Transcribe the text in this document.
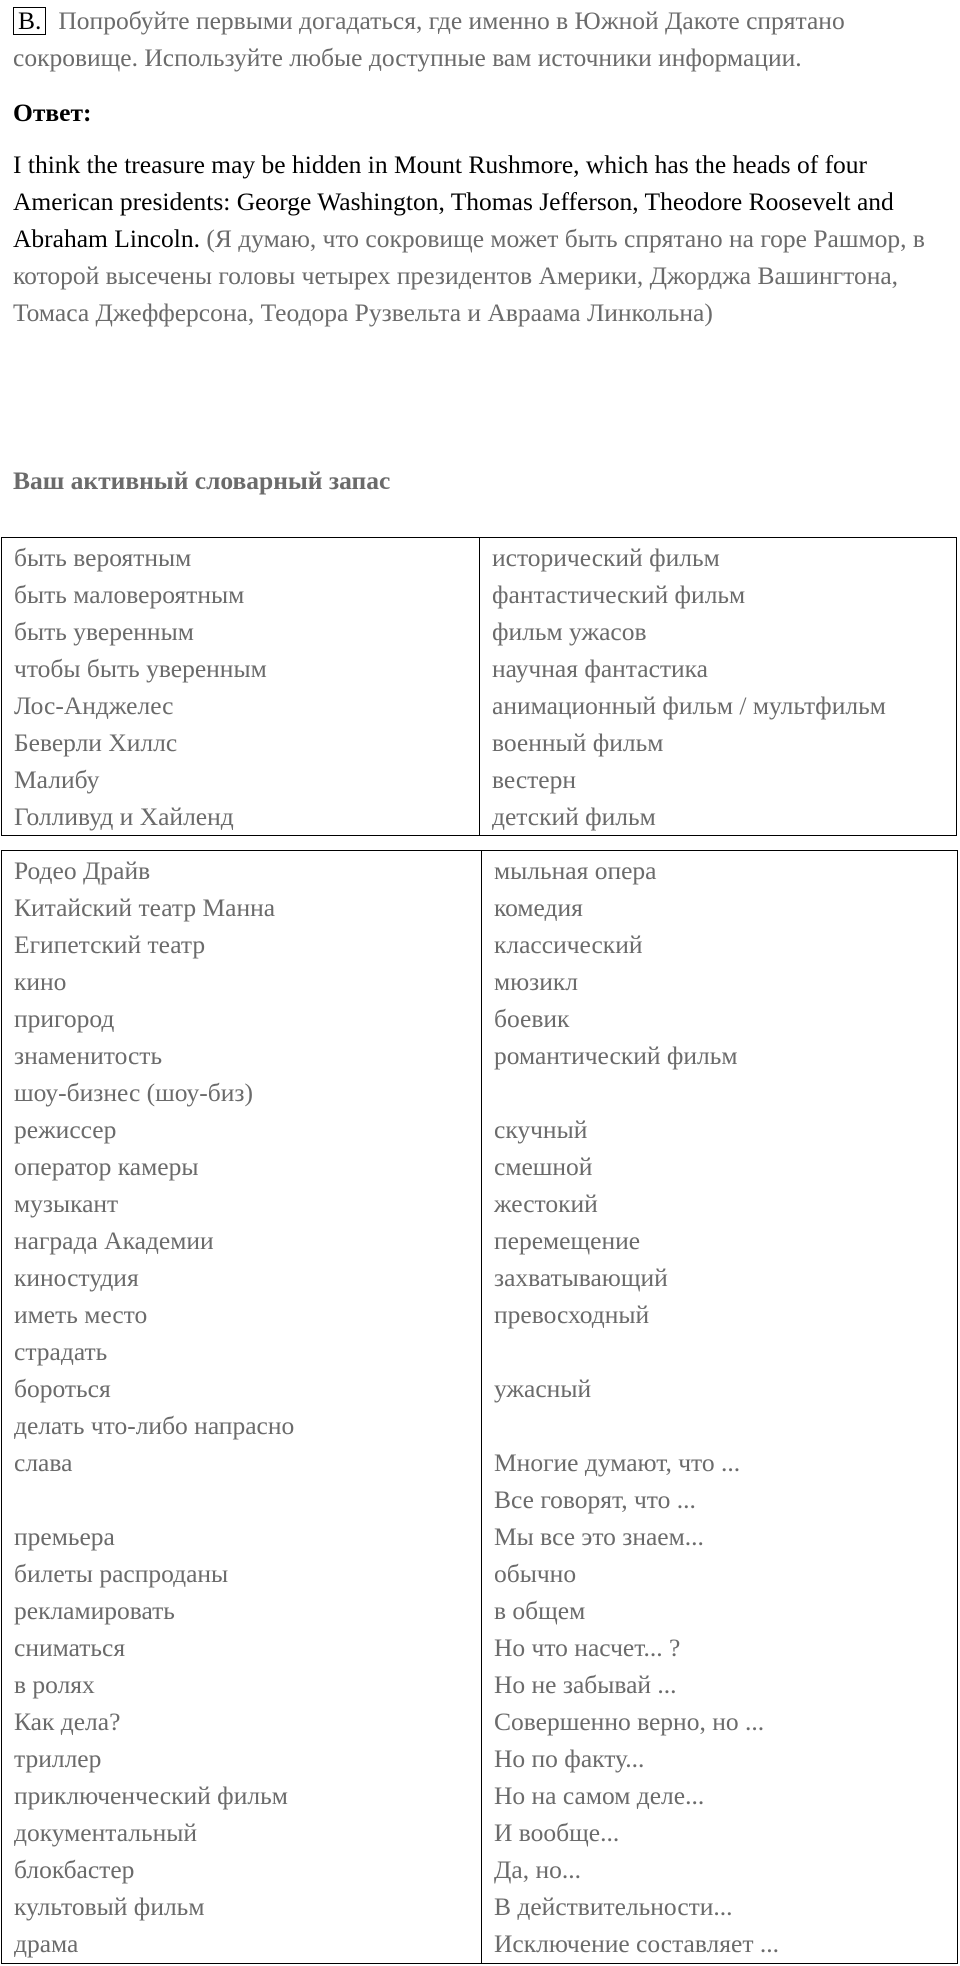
B. Попробуйте первыми догадаться, где именно в Южной Дакоте спрятано сокровище. Используйте любые доступные вам источники информации.
Ответ:
I think the treasure may be hidden in Mount Rushmore, which has the heads of four American presidents: George Washington, Thomas Jefferson, Theodore Roosevelt and Abraham Lincoln. (Я думаю, что сокровище может быть спрятано на горе Рашмор, в которой высечены головы четырех президентов Америки, Джорджа Вашингтона, Томаса Джефферсона, Теодора Рузвельта и Авраама Линкольна)
Ваш активный словарный запас
быть вероятным
быть маловероятным
быть уверенным
чтобы быть уверенным
Лос-Анджелес
Беверли Хиллс
Малибу
Голливуд и Хайленд
исторический фильм
фантастический фильм
фильм ужасов
научная фантастика
анимационный фильм / мультфильм
военный фильм
вестерн
детский фильм
Родео Драйв
Китайский театр Манна
Египетский театр
кино
пригород
знаменитость
шоу-бизнес (шоу-биз)
режиссер
оператор камеры
музыкант
награда Академии
киностудия
иметь место
страдать
бороться
делать что-либо напрасно
слава
премьера
билеты распроданы
рекламировать
сниматься
в ролях
Как дела?
триллер
приключенческий фильм
документальный
блокбастер
культовый фильм
драма
мыльная опера
комедия
классический
мюзикл
боевик
романтический фильм
скучный
смешной
жестокий
перемещение
захватывающий
превосходный
ужасный
Многие думают, что ...
Все говорят, что ...
Мы все это знаем...
обычно
в общем
Но что насчет... ?
Но не забывай ...
Совершенно верно, но ...
Но по факту...
Но на самом деле...
И вообще...
Да, но...
В действительности...
Исключение составляет ...
